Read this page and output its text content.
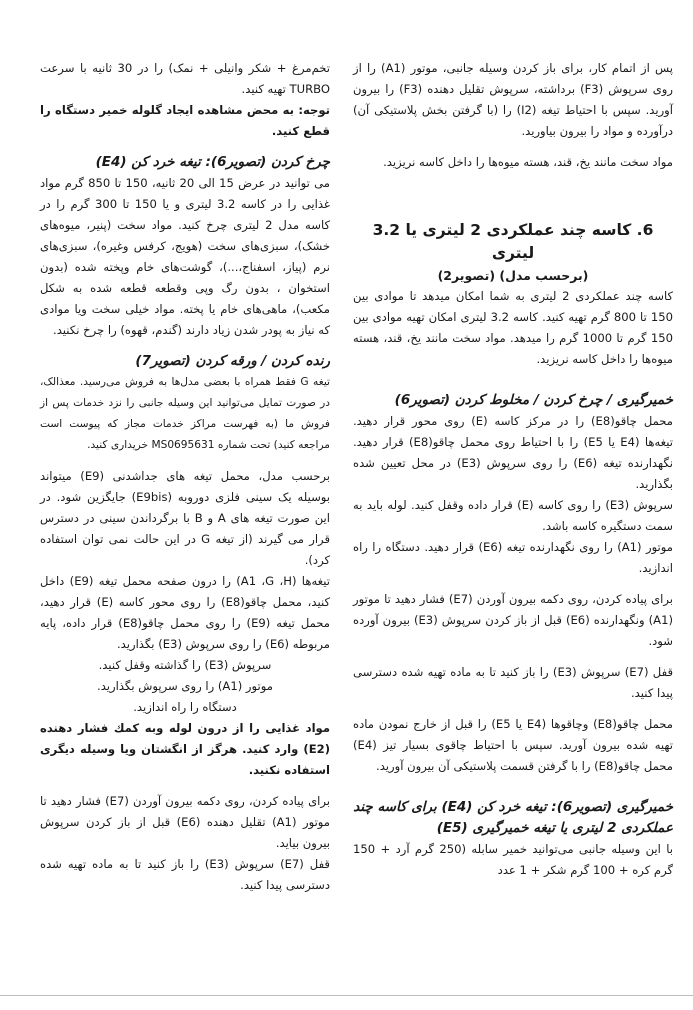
پس از اتمام کار، برای باز کردن وسیله جانبی، موتور (A1) را از روی سرپوش (F3) برداشته، سرپوش تقلیل دهنده (F3) را بیرون آورید. سپس با احتیاط تیغه (I2) را (با گرفتن بخش پلاستیکی آن) درآورده و مواد را بیرون بیاورید.

مواد سخت مانند یخ، قند، هسته میوه‌ها را داخل کاسه نریزید.

6. کاسه چند عملکردی 2 لیتری یا 3.2 لیتری

(برحسب مدل) (تصویر2)

کاسه چند عملکردی 2 لیتری به شما امکان میدهد تا موادی بین 150 تا 800 گرم تهیه کنید. کاسه 3.2 لیتری امکان تهیه موادی بین 150 گرم تا 1000 گرم را میدهد. مواد سخت مانند یخ، قند، هسته میوه‌ها را داخل کاسه نریزید.

خمیرگیری / چرخ کردن / مخلوط کردن (تصویر6)

محمل چاقو(E8) را در مرکز کاسه (E) روی محور قرار دهید. تیغه‌ها (E4 یا E5) را با احتیاط روی محمل چاقو(E8) قرار دهید. نگهدارنده تیغه (E6) را روی سرپوش (E3) در محل تعیین شده بگذارید.

سرپوش (E3) را روی کاسه (E) قرار داده وقفل کنید. لوله باید به سمت دستگیره کاسه باشد.

موتور (A1) را روی نگهدارنده تیغه (E6) قرار دهید. دستگاه را راه اندازید.

برای پیاده کردن، روی دکمه بیرون آوردن (E7) فشار دهید تا موتور (A1) ونگهدارنده (E6) قبل از باز کردن سرپوش (E3) بیرون آورده شود.

قفل (E7) سرپوش (E3) را باز کنید تا به ماده تهیه شده دسترسی پیدا کنید.

محمل چاقو(E8) وچاقوها (E4 یا E5) را قبل از خارج نمودن ماده تهیه شده بیرون آورید. سپس با احتیاط چاقوی بسیار تیز (E4) محمل چاقو(E8) را با گرفتن قسمت پلاستیکی آن بیرون آورید.

خمیرگیری (تصویر6): تیغه خرد کن (E4) برای کاسه چند عملکردی 2 لیتری یا تیغه خمیرگیری (E5)

با این وسیله جانبی می‌توانید خمیر سابله (250 گرم آرد + 150 گرم کره + 100 گرم شکر + 1 عدد

تخم‌مرغ + شکر وانیلی + نمک) را در 30 ثانیه با سرعت TURBO تهیه کنید.

توجه: به محض مشاهده ایجاد گلوله خمیر دستگاه را قطع کنید.

چرخ کردن (تصویر6): تیغه خرد کن (E4)

می توانید در عرض 15 الی 20 ثانیه، 150 تا 850 گرم مواد غذایی را در کاسه 3.2 لیتری و یا 150 تا 300 گرم را در کاسه مدل 2 لیتری چرخ کنید. مواد سخت (پنیر، میوه‌های خشک)، سبزی‌های سخت (هویج، کرفس وغیره)، سبزی‌های نرم (پیاز، اسفناج،...)، گوشت‌های خام وپخته شده (بدون استخوان ، بدون رگ وپی وقطعه قطعه شده به شکل مکعب)، ماهی‌های خام یا پخته. مواد خیلی سخت ویا موادی که نیاز به پودر شدن زیاد دارند (گندم، قهوه) را چرخ نکنید.

رنده کردن / ورقه کردن (تصویر7)

تیغه G فقط همراه با بعضی مدل‌ها به فروش می‌رسید. معذالک، در صورت تمایل می‌توانید این وسیله جانبی را نزد خدمات پس از فروش ما (به فهرست مراکز خدمات مجاز که پیوست است مراجعه کنید) تحت شماره MS0695631 خریداری کنید.

برحسب مدل، محمل تیغه های جداشدنی (E9) میتواند بوسیله یک سینی فلزی دوروبه (E9bis) جایگزین شود. در این صورت تیغه های A و B با برگرداندن سینی در دسترس قرار می گیرند (از تیغه G در این حالت نمی توان استفاده کرد).

تیغه‌ها (A1 ،G ،H) را درون صفحه محمل تیغه (E9) داخل کنید، محمل چاقو(E8) را روی محور کاسه (E) قرار دهید، محمل تیغه (E9) را روی محمل چاقو(E8) قرار داده، پایه مربوطه (E6) را روی سرپوش (E3) بگذارید.

سرپوش (E3) را گذاشته وقفل کنید.

موتور (A1) را روی سرپوش بگذارید.

دستگاه را راه اندازید.

مواد غذایی را از درون لوله وبه کمك فشار دهنده (E2) وارد کنید. هرگز از انگشتان ویا وسیله دیگری استفاده نکنید.

برای پیاده کردن، روی دکمه بیرون آوردن (E7) فشار دهید تا موتور (A1) تقلیل دهنده (E6) قبل از باز کردن سرپوش بیرون بیاید.

قفل (E7) سرپوش (E3) را باز کنید تا به ماده تهیه شده دسترسی پیدا کنید.
